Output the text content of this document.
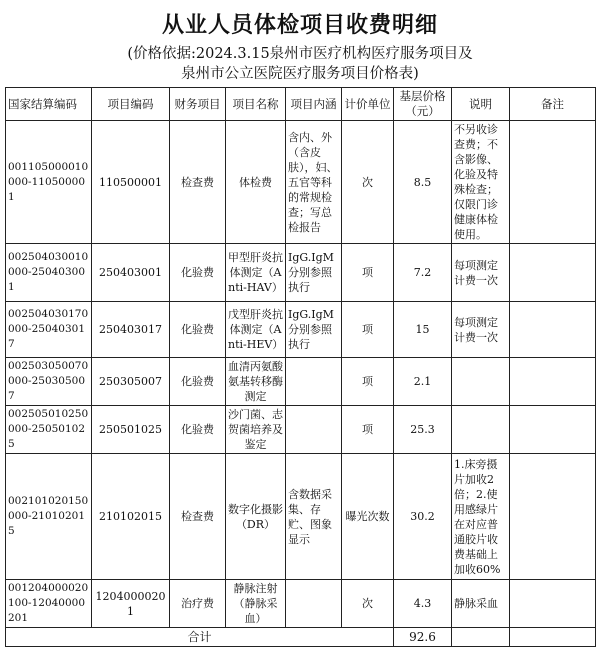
从业人员体检项目收费明细
(价格依据:2024.3.15泉州市医疗机构医疗服务项目及
泉州市公立医院医疗服务项目价格表)
国家结算编码	项目编码	财务项目	项目名称	项目内涵	计价单位	基层价格（元）	说明	备注
001105000010000-110500001	110500001	检查费	体检费	含内、外（含皮肤），妇、五官等科的常规检查；写总检报告	次	8.5	不另收诊查费；不含影像、化验及特殊检查；仅限门诊健康体检使用。	
002504030010000-250403001	250403001	化验费	甲型肝炎抗体测定（Anti-HAV）	IgG.IgM分别参照执行	项	7.2	每项测定计费一次	
002504030170000-250403017	250403017	化验费	戊型肝炎抗体测定（Anti-HEV）	IgG.IgM分别参照执行	项	15	每项测定计费一次	
002503050070000-250305007	250305007	化验费	血清丙氨酸氨基转移酶测定		项	2.1		
002505010250000-250501025	250501025	化验费	沙门菌、志贺菌培养及鉴定		项	25.3		
002101020150000-210102015	210102015	检查费	数字化摄影（DR）	含数据采集、存贮、图象显示	曝光次数	30.2	1.床旁摄片加收2倍；2.使用感绿片在对应普通胶片收费基础上加收60%	
001204000020100-12040000201	12040000201	治疗费	静脉注射（静脉采血）		次	4.3	静脉采血	
合计						92.6		
